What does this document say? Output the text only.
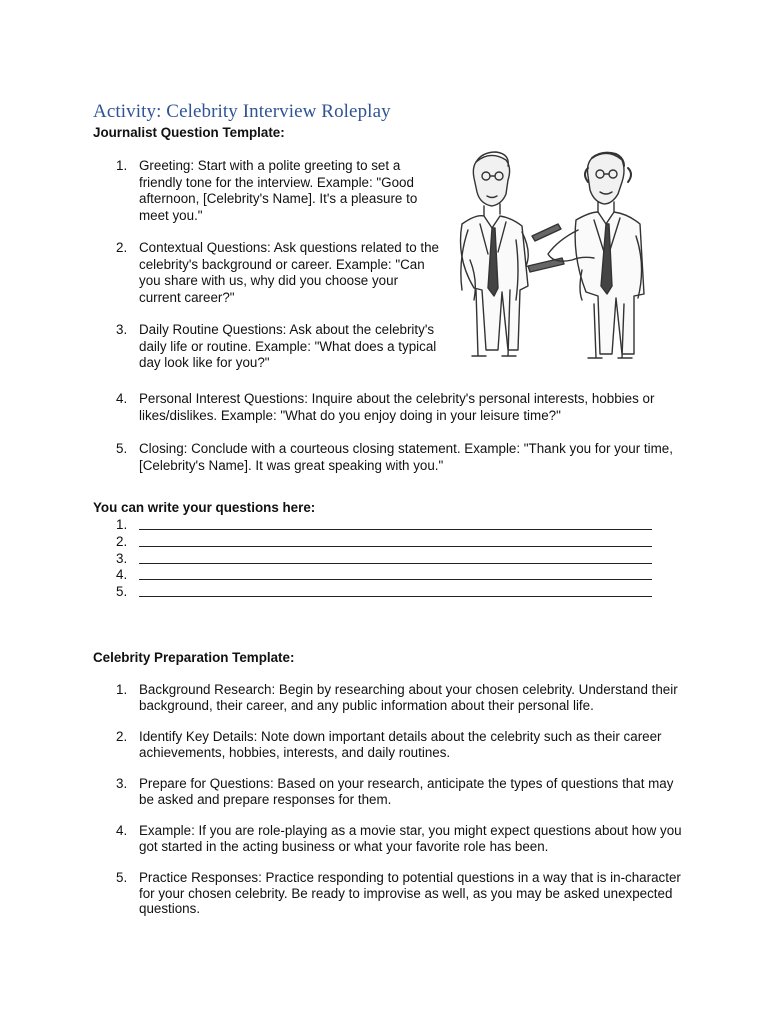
Activity: Celebrity Interview Roleplay

Journalist Question Template:

1. Greeting: Start with a polite greeting to set a friendly tone for the interview. Example: "Good afternoon, [Celebrity's Name]. It's a pleasure to meet you."
2. Contextual Questions: Ask questions related to the celebrity's background or career. Example: "Can you share with us, why did you choose your current career?"
3. Daily Routine Questions: Ask about the celebrity's daily life or routine. Example: "What does a typical day look like for you?"
4. Personal Interest Questions: Inquire about the celebrity's personal interests, hobbies or likes/dislikes. Example: "What do you enjoy doing in your leisure time?"
5. Closing: Conclude with a courteous closing statement. Example: "Thank you for your time, [Celebrity's Name]. It was great speaking with you."

You can write your questions here:

1.
2.
3.
4.
5.

Celebrity Preparation Template:

1. Background Research: Begin by researching about your chosen celebrity. Understand their background, their career, and any public information about their personal life.
2. Identify Key Details: Note down important details about the celebrity such as their career achievements, hobbies, interests, and daily routines.
3. Prepare for Questions: Based on your research, anticipate the types of questions that may be asked and prepare responses for them.
4. Example: If you are role-playing as a movie star, you might expect questions about how you got started in the acting business or what your favorite role has been.
5. Practice Responses: Practice responding to potential questions in a way that is in-character for your chosen celebrity. Be ready to improvise as well, as you may be asked unexpected questions.
